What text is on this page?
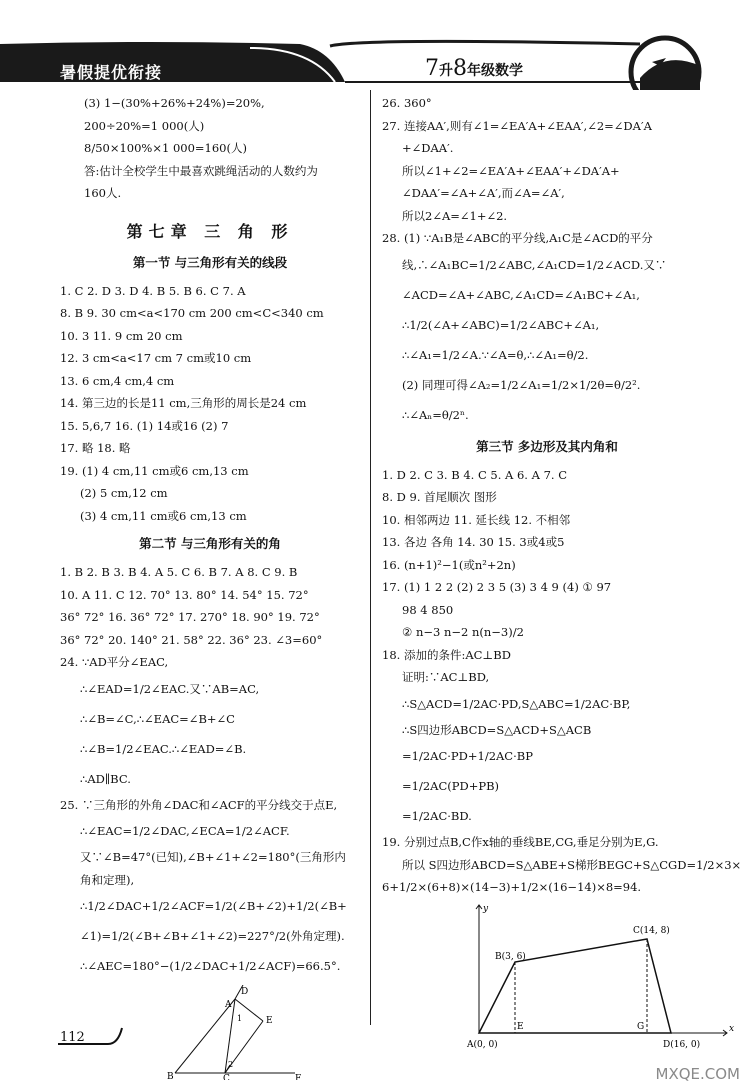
暑假提优衔接	7升8年级数学
(3) 1−(30%+26%+24%)=20%,
200÷20%=1 000(人)
8/50×100%×1 000=160(人)
答:估计全校学生中最喜欢跳绳活动的人数约为
160人.
第七章 三 角 形
第一节 与三角形有关的线段
1. C 2. D 3. D 4. B 5. B 6. C 7. A
8. B 9. 30 cm<a<170 cm 200 cm<C<340 cm
10. 3 11. 9 cm 20 cm
12. 3 cm<a<17 cm 7 cm或10 cm
13. 6 cm,4 cm,4 cm
14. 第三边的长是11 cm,三角形的周长是24 cm
15. 5,6,7 16. (1) 14或16 (2) 7
17. 略 18. 略
19. (1) 4 cm,11 cm或6 cm,13 cm
(2) 5 cm,12 cm
(3) 4 cm,11 cm或6 cm,13 cm
第二节 与三角形有关的角
1. B 2. B 3. B 4. A 5. C 6. B 7. A 8. C 9. B
10. A 11. C 12. 70° 13. 80° 14. 54° 15. 72°
36° 72° 16. 36° 72° 17. 270° 18. 90° 19. 72°
36° 72° 20. 140° 21. 58° 22. 36° 23. ∠3=60°
24. ∵AD平分∠EAC,
∴∠EAD=1/2∠EAC.又∵AB=AC,
∴∠B=∠C,∴∠EAC=∠B+∠C
∴∠B=1/2∠EAC.∴∠EAD=∠B.
∴AD∥BC.
25. ∵三角形的外角∠DAC和∠ACF的平分线交于点E,
∴∠EAC=1/2∠DAC,∠ECA=1/2∠ACF.
又∵∠B=47°(已知),∠B+∠1+∠2=180°(三角形内
角和定理),
∴1/2∠DAC+1/2∠ACF=1/2(∠B+∠2)+1/2(∠B+
∠1)=1/2(∠B+∠B+∠1+∠2)=227°/2(外角定理).
∴∠AEC=180°−(1/2∠DAC+1/2∠ACF)=66.5°.
A
B	C
D
E
F
1
2
26. 360°
27. 连接AA′,则有∠1=∠EA′A+∠EAA′,∠2=∠DA′A
+∠DAA′.
所以∠1+∠2=∠EA′A+∠EAA′+∠DA′A+
∠DAA′=∠A+∠A′,而∠A=∠A′,
所以2∠A=∠1+∠2.
28. (1) ∵A₁B是∠ABC的平分线,A₁C是∠ACD的平分
线,∴∠A₁BC=1/2∠ABC,∠A₁CD=1/2∠ACD.又∵
∠ACD=∠A+∠ABC,∠A₁CD=∠A₁BC+∠A₁,
∴1/2(∠A+∠ABC)=1/2∠ABC+∠A₁,
∴∠A₁=1/2∠A.∵∠A=θ,∴∠A₁=θ/2.
(2) 同理可得∠A₂=1/2∠A₁=1/2×1/2θ=θ/2².
∴∠Aₙ=θ/2ⁿ.
第三节 多边形及其内角和
1. D 2. C 3. B 4. C 5. A 6. A 7. C
8. D 9. 首尾顺次 图形
10. 相邻两边 11. 延长线 12. 不相邻
13. 各边 各角 14. 30 15. 3或4或5
16. (n+1)²−1(或n²+2n)
17. (1) 1 2 2 (2) 2 3 5 (3) 3 4 9 (4) ① 97
98 4 850
② n−3 n−2 n(n−3)/2
18. 添加的条件:AC⊥BD
证明:∵AC⊥BD,
∴S△ACD=1/2AC·PD,S△ABC=1/2AC·BP,
∴S四边形ABCD=S△ACD+S△ACB
=1/2AC·PD+1/2AC·BP
=1/2AC(PD+PB)
=1/2AC·BD.
19. 分别过点B,C作x轴的垂线BE,CG,垂足分别为E,G.
所以 S四边形ABCD=S△ABE+S梯形BEGC+S△CGD=1/2×3×
6+1/2×(6+8)×(14−3)+1/2×(16−14)×8=94.
x
y
B(3, 6)
C(14, 8)
A(0, 0)
E	G
D(16, 0)
112
MXQE.COM
